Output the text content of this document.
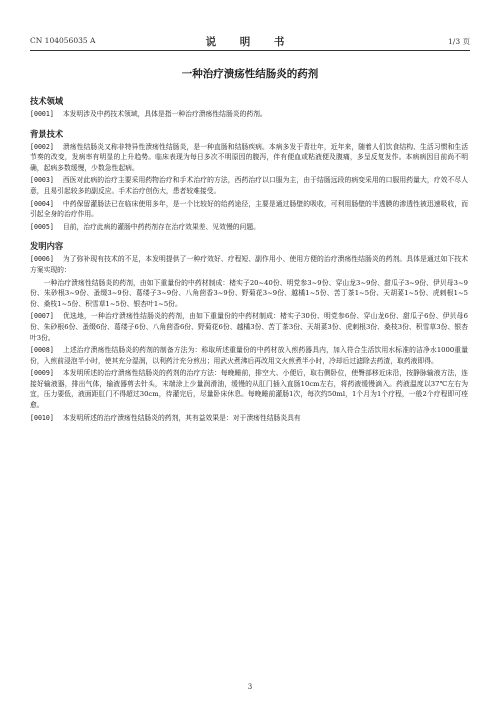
CN 104056035 A	说 明 书	1/3 页
一种治疗溃疡性结肠炎的药剂
技术领域
[0001] 本发明涉及中药技术领域，具体是指一种治疗溃疡性结肠炎的药剂。
背景技术
[0002] 溃疡性结肠炎又称非特异性溃疡性结肠炎，是一种直肠和结肠疾病。本病多发于青壮年，近年来，随着人们饮食结构、生活习惯和生活节奏的改变，发病率有明显的上升趋势。临床表现为每日多次不明原因的腹泻，伴有便血或粘液便及腹痛，多呈反复发作。本病病因目前尚不明确，起病多数缓慢，少数急性起病。
[0003] 西医对此病的治疗主要采用药物治疗和手术治疗的方法，西药治疗以口服为主，由于结肠远段的病变采用的口服用药量大，疗效不尽人意，且易引起较多的副反应。手术治疗创伤大，患者较难接受。
[0004] 中药保留灌肠法已在临床使用多年，是一个比较好的给药途径，主要是通过肠壁的吸收，可利用肠壁的半透膜的渗透性被迅速吸收，而引起全身的治疗作用。
[0005] 目前，治疗此病的灌肠中药药剂存在治疗效果差、见效慢的问题。
发明内容
[0006] 为了弥补现有技术的不足，本发明提供了一种疗效好、疗程短、副作用小、使用方便的治疗溃疡性结肠炎的药剂。具体是通过如下技术方案实现的：
一种治疗溃疡性结肠炎的药剂，由如下重量份的中药材制成：楮实子20~40份、明党参3~9份、穿山龙3~9份、甜瓜子3~9份、伊贝母3~9份、朱砂根3~9份、蚤缀3~9份、葛缕子3~9份、八角茴香3~9份、野菊花3~9份、越橘1~5份、苦丁茶1~5份、天胡荽1~5份、虎刺根1~5份、桑枝1~5份、积雪草1~5份、银杏叶1~5份。
[0007] 优选地，一种治疗溃疡性结肠炎的药剂，由如下重量份的中药材制成：楮实子30份、明党参6份、穿山龙6份、甜瓜子6份、伊贝母6份、朱砂根6份、蚤缀6份、葛缕子6份、八角茴香6份、野菊花6份、越橘3份、苦丁茶3份、天胡荽3份、虎刺根3份、桑枝3份、积雪草3份、银杏叶3份。
[0008] 上述治疗溃疡性结肠炎的药剂的制备方法为：称取所述重量份的中药材放入煎药器具内，加入符合生活饮用水标准的洁净水1000重量份，入煎前浸泡半小时，使其充分湿润，以利药汁充分煎出；用武火煮沸后再改用文火煎煮半小时，冷却后过滤除去药渣，取药液即得。
[0009] 本发明所述的治疗溃疡性结肠炎的药剂的治疗方法：每晚睡前，排空大、小便后，取右侧卧位，使臀部移近床沿，按静脉输液方法，连接好输液器，排出气体，输液器剪去针头，末端涂上少量润滑油，缓慢的从肛门插入直肠10cm左右，将药液缓慢滴入。药液温度以37℃左右为宜，压力要低，液面距肛门不得超过30cm，待灌完后，尽量卧床休息。每晚睡前灌肠1次，每次约50ml，1个月为1个疗程，一般2个疗程即可痊愈。
[0010] 本发明所述的治疗溃疡性结肠炎的药剂，其有益效果是：对于溃疡性结肠炎具有
3
